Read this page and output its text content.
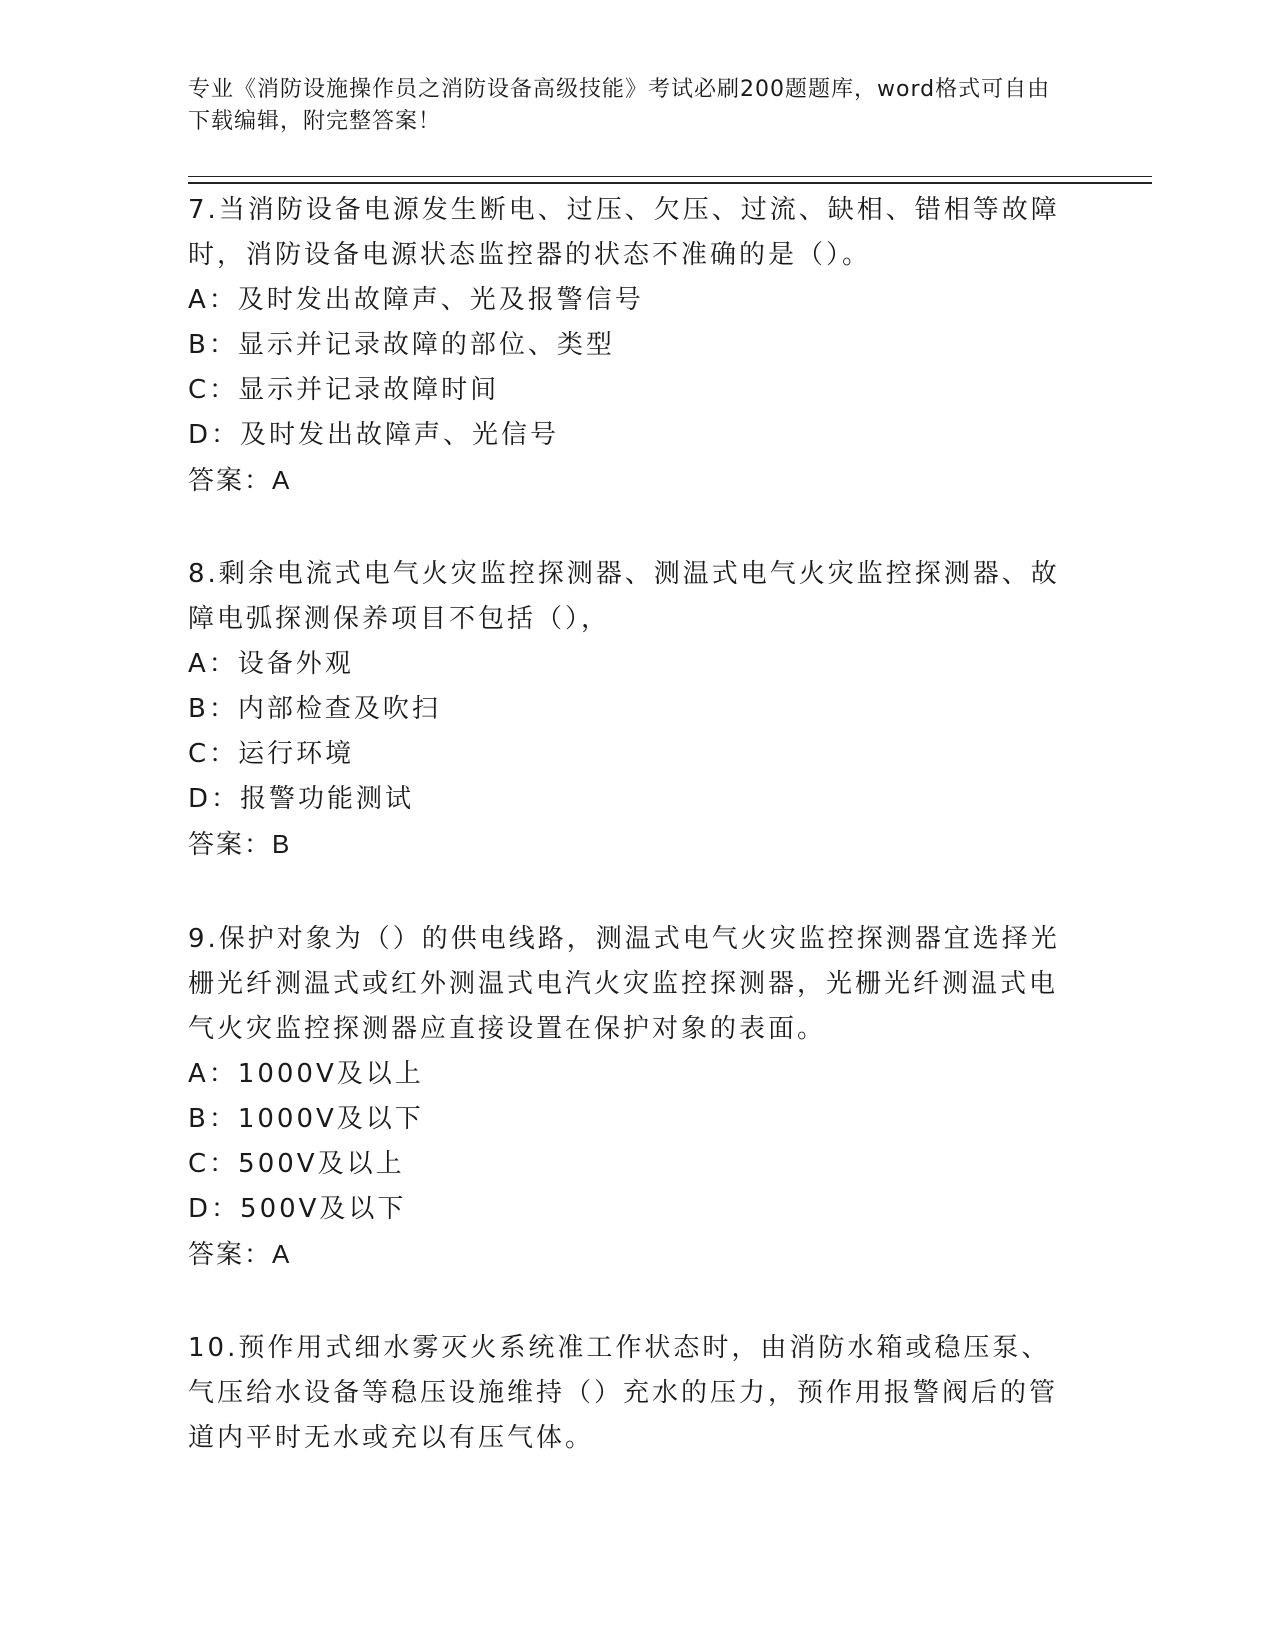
专业《消防设施操作员之消防设备高级技能》考试必刷200题题库，word格式可自由下载编辑，附完整答案！

7.当消防设备电源发生断电、过压、欠压、过流、缺相、错相等故障时，消防设备电源状态监控器的状态不准确的是（）。

A：及时发出故障声、光及报警信号

B：显示并记录故障的部位、类型

C：显示并记录故障时间

D：及时发出故障声、光信号

答案：A

8.剩余电流式电气火灾监控探测器、测温式电气火灾监控探测器、故障电弧探测保养项目不包括（），

A：设备外观

B：内部检查及吹扫

C：运行环境

D：报警功能测试

答案：B

9.保护对象为（）的供电线路，测温式电气火灾监控探测器宜选择光栅光纤测温式或红外测温式电汽火灾监控探测器，光栅光纤测温式电气火灾监控探测器应直接设置在保护对象的表面。

A：1000V及以上

B：1000V及以下

C：500V及以上

D：500V及以下

答案：A

10.预作用式细水雾灭火系统准工作状态时，由消防水箱或稳压泵、气压给水设备等稳压设施维持（）充水的压力，预作用报警阀后的管道内平时无水或充以有压气体。
